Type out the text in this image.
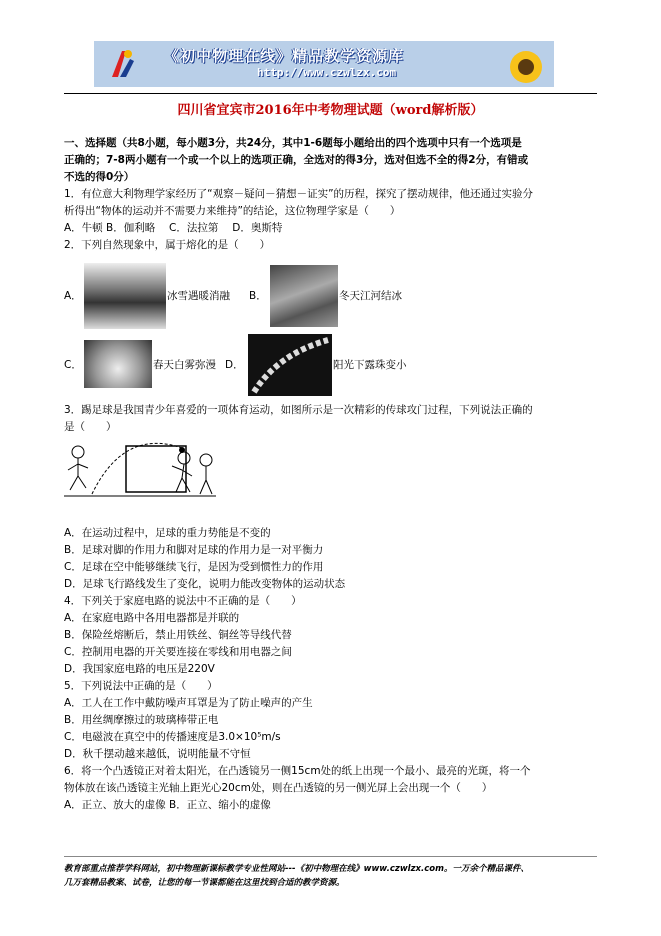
《初中物理在线》精品教学资源库
http://www.czwlzx.com
四川省宜宾市2016年中考物理试题（word解析版）
一、选择题（共8小题，每小题3分，共24分，其中1-6题每小题给出的四个选项中只有一个选项是
正确的；7-8两小题有一个或一个以上的选项正确，全选对的得3分，选对但选不全的得2分，有错或
不选的得0分）
1．有位意大利物理学家经历了“观察－疑问－猜想－证实”的历程，探究了摆动规律，他还通过实验分
析得出“物体的运动并不需要力来维持”的结论，这位物理学家是（　　）
A．牛顿 B．伽利略　 C．法拉第　 D．奥斯特
2．下列自然现象中，属于熔化的是（　　）
A．	冰雪遇暖消融 B．	冬天江河结冰
C．	春天白雾弥漫 D．	阳光下露珠变小
3．踢足球是我国青少年喜爱的一项体育运动，如图所示是一次精彩的传球攻门过程，下列说法正确的
是（　　）
A．在运动过程中，足球的重力势能是不变的
B．足球对脚的作用力和脚对足球的作用力是一对平衡力
C．足球在空中能够继续飞行，是因为受到惯性力的作用
D．足球飞行路线发生了变化，说明力能改变物体的运动状态
4．下列关于家庭电路的说法中不正确的是（　　）
A．在家庭电路中各用电器都是并联的
B．保险丝熔断后，禁止用铁丝、铜丝等导线代替
C．控制用电器的开关要连接在零线和用电器之间
D．我国家庭电路的电压是220V
5．下列说法中正确的是（　　）
A．工人在工作中戴防噪声耳罩是为了防止噪声的产生
B．用丝绸摩擦过的玻璃棒带正电
C．电磁波在真空中的传播速度是3.0×10⁵m/s
D．秋千摆动越来越低，说明能量不守恒
6．将一个凸透镜正对着太阳光，在凸透镜另一侧15cm处的纸上出现一个最小、最亮的光斑，将一个
物体放在该凸透镜主光轴上距光心20cm处，则在凸透镜的另一侧光屏上会出现一个（　　）
A．正立、放大的虚像 B．正立、缩小的虚像
教育部重点推荐学科网站，初中物理新课标教学专业性网站---《初中物理在线》www.czwlzx.com。一万余个精品课件、
几万套精品教案、试卷，让您的每一节课都能在这里找到合适的教学资源。
